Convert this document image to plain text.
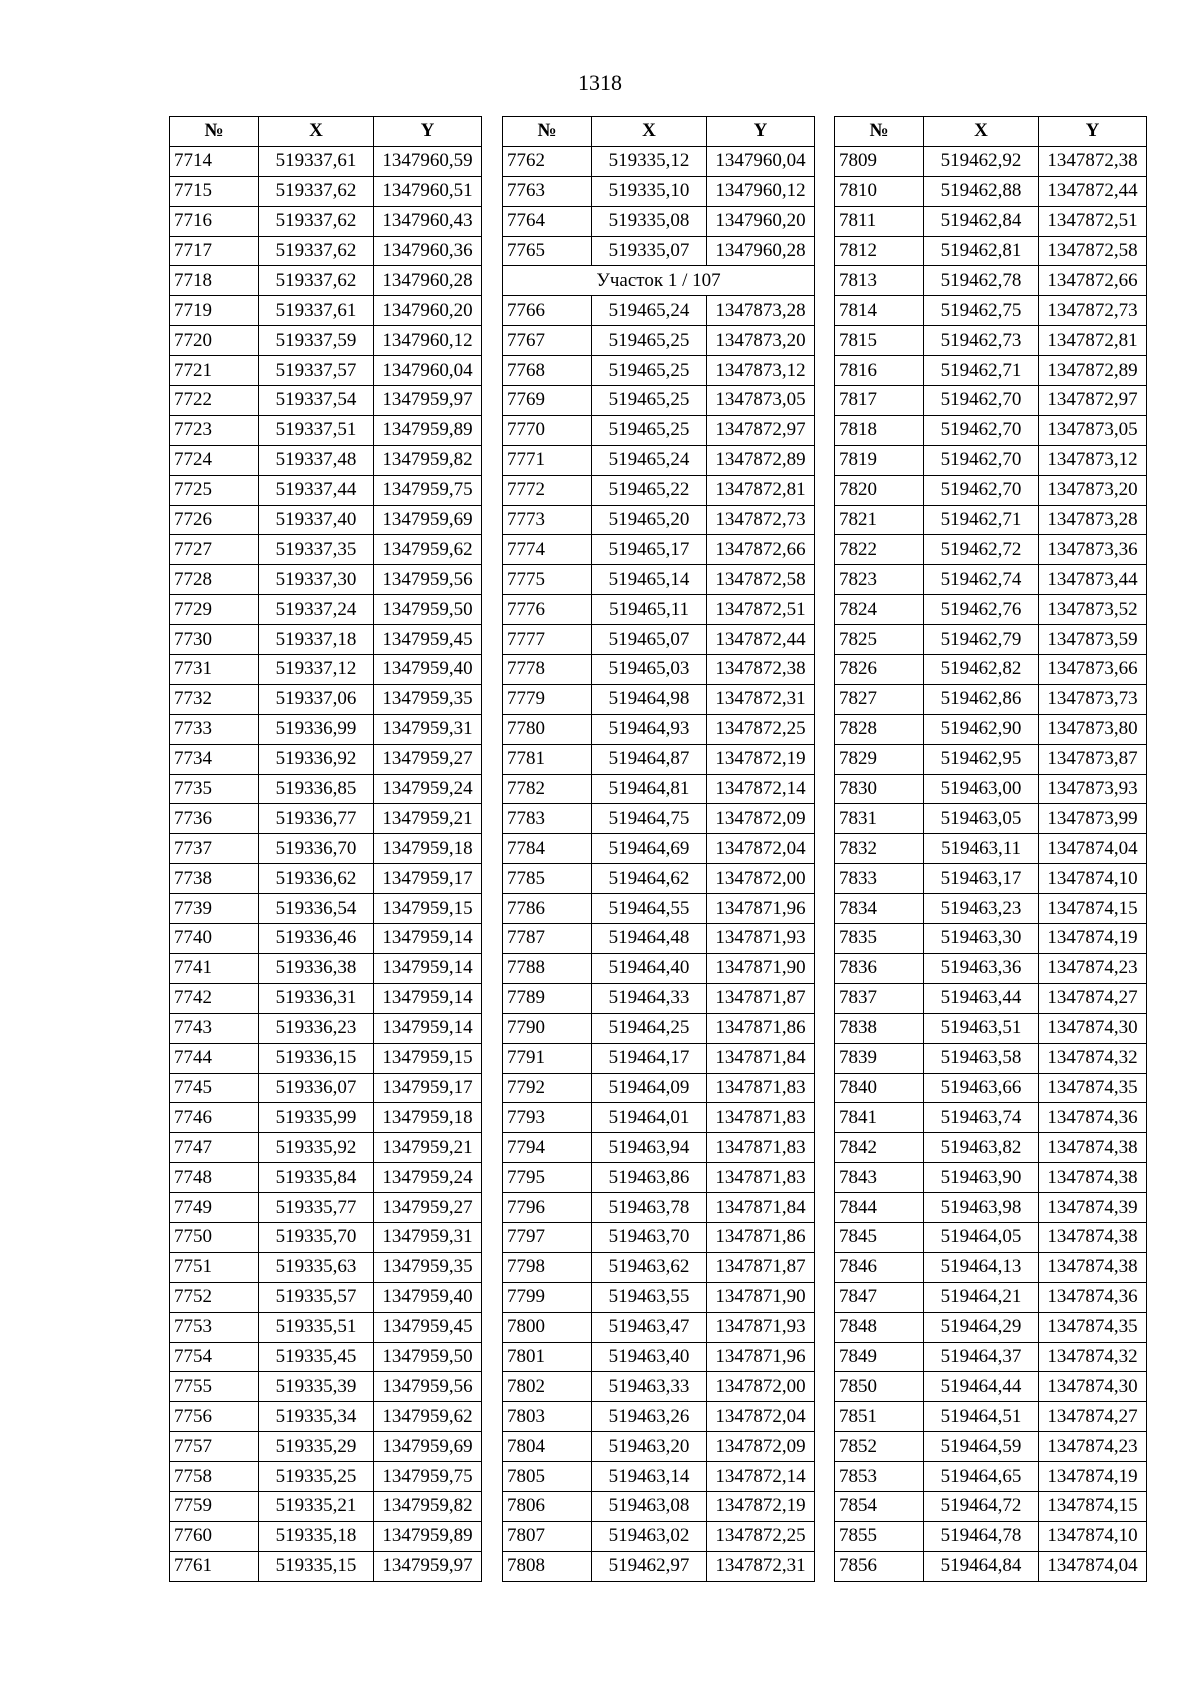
1318
№	X	Y
7714	519337,61	1347960,59
7715	519337,62	1347960,51
7716	519337,62	1347960,43
7717	519337,62	1347960,36
7718	519337,62	1347960,28
7719	519337,61	1347960,20
7720	519337,59	1347960,12
7721	519337,57	1347960,04
7722	519337,54	1347959,97
7723	519337,51	1347959,89
7724	519337,48	1347959,82
7725	519337,44	1347959,75
7726	519337,40	1347959,69
7727	519337,35	1347959,62
7728	519337,30	1347959,56
7729	519337,24	1347959,50
7730	519337,18	1347959,45
7731	519337,12	1347959,40
7732	519337,06	1347959,35
7733	519336,99	1347959,31
7734	519336,92	1347959,27
7735	519336,85	1347959,24
7736	519336,77	1347959,21
7737	519336,70	1347959,18
7738	519336,62	1347959,17
7739	519336,54	1347959,15
7740	519336,46	1347959,14
7741	519336,38	1347959,14
7742	519336,31	1347959,14
7743	519336,23	1347959,14
7744	519336,15	1347959,15
7745	519336,07	1347959,17
7746	519335,99	1347959,18
7747	519335,92	1347959,21
7748	519335,84	1347959,24
7749	519335,77	1347959,27
7750	519335,70	1347959,31
7751	519335,63	1347959,35
7752	519335,57	1347959,40
7753	519335,51	1347959,45
7754	519335,45	1347959,50
7755	519335,39	1347959,56
7756	519335,34	1347959,62
7757	519335,29	1347959,69
7758	519335,25	1347959,75
7759	519335,21	1347959,82
7760	519335,18	1347959,89
7761	519335,15	1347959,97
№	X	Y
7762	519335,12	1347960,04
7763	519335,10	1347960,12
7764	519335,08	1347960,20
7765	519335,07	1347960,28
Участок 1 / 107		
7766	519465,24	1347873,28
7767	519465,25	1347873,20
7768	519465,25	1347873,12
7769	519465,25	1347873,05
7770	519465,25	1347872,97
7771	519465,24	1347872,89
7772	519465,22	1347872,81
7773	519465,20	1347872,73
7774	519465,17	1347872,66
7775	519465,14	1347872,58
7776	519465,11	1347872,51
7777	519465,07	1347872,44
7778	519465,03	1347872,38
7779	519464,98	1347872,31
7780	519464,93	1347872,25
7781	519464,87	1347872,19
7782	519464,81	1347872,14
7783	519464,75	1347872,09
7784	519464,69	1347872,04
7785	519464,62	1347872,00
7786	519464,55	1347871,96
7787	519464,48	1347871,93
7788	519464,40	1347871,90
7789	519464,33	1347871,87
7790	519464,25	1347871,86
7791	519464,17	1347871,84
7792	519464,09	1347871,83
7793	519464,01	1347871,83
7794	519463,94	1347871,83
7795	519463,86	1347871,83
7796	519463,78	1347871,84
7797	519463,70	1347871,86
7798	519463,62	1347871,87
7799	519463,55	1347871,90
7800	519463,47	1347871,93
7801	519463,40	1347871,96
7802	519463,33	1347872,00
7803	519463,26	1347872,04
7804	519463,20	1347872,09
7805	519463,14	1347872,14
7806	519463,08	1347872,19
7807	519463,02	1347872,25
7808	519462,97	1347872,31
№	X	Y
7809	519462,92	1347872,38
7810	519462,88	1347872,44
7811	519462,84	1347872,51
7812	519462,81	1347872,58
7813	519462,78	1347872,66
7814	519462,75	1347872,73
7815	519462,73	1347872,81
7816	519462,71	1347872,89
7817	519462,70	1347872,97
7818	519462,70	1347873,05
7819	519462,70	1347873,12
7820	519462,70	1347873,20
7821	519462,71	1347873,28
7822	519462,72	1347873,36
7823	519462,74	1347873,44
7824	519462,76	1347873,52
7825	519462,79	1347873,59
7826	519462,82	1347873,66
7827	519462,86	1347873,73
7828	519462,90	1347873,80
7829	519462,95	1347873,87
7830	519463,00	1347873,93
7831	519463,05	1347873,99
7832	519463,11	1347874,04
7833	519463,17	1347874,10
7834	519463,23	1347874,15
7835	519463,30	1347874,19
7836	519463,36	1347874,23
7837	519463,44	1347874,27
7838	519463,51	1347874,30
7839	519463,58	1347874,32
7840	519463,66	1347874,35
7841	519463,74	1347874,36
7842	519463,82	1347874,38
7843	519463,90	1347874,38
7844	519463,98	1347874,39
7845	519464,05	1347874,38
7846	519464,13	1347874,38
7847	519464,21	1347874,36
7848	519464,29	1347874,35
7849	519464,37	1347874,32
7850	519464,44	1347874,30
7851	519464,51	1347874,27
7852	519464,59	1347874,23
7853	519464,65	1347874,19
7854	519464,72	1347874,15
7855	519464,78	1347874,10
7856	519464,84	1347874,04
